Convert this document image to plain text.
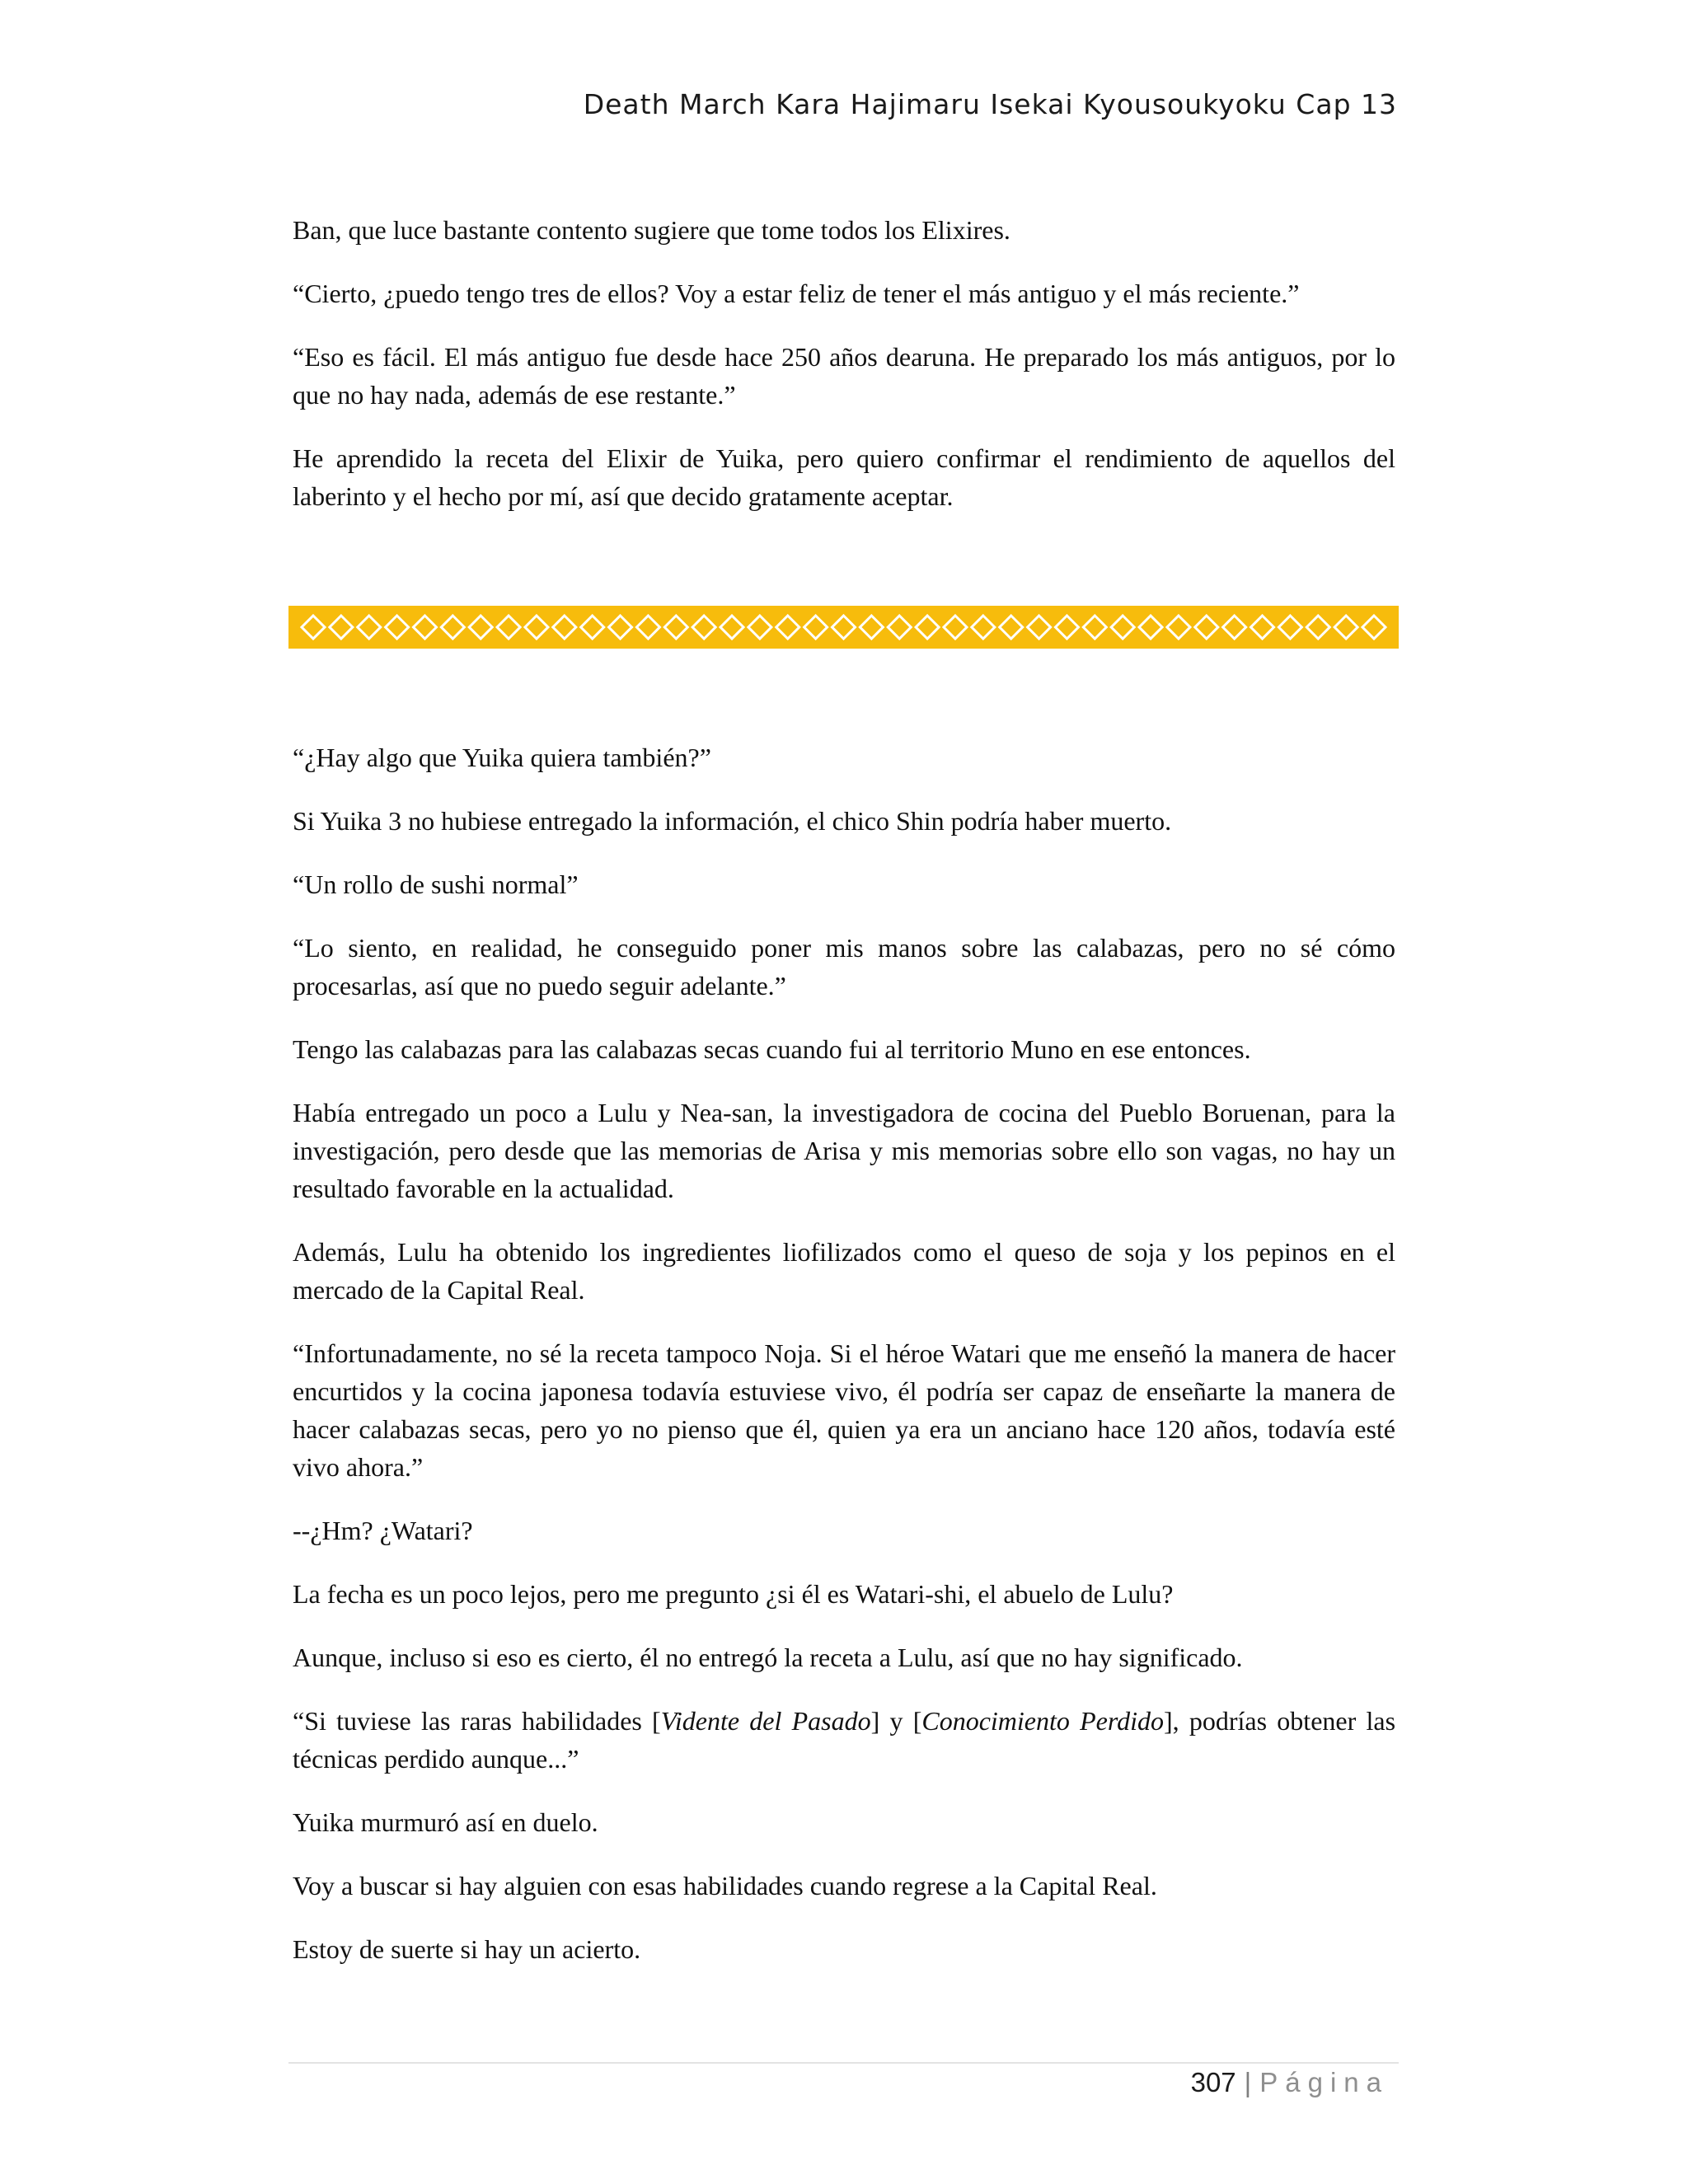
Death March Kara Hajimaru Isekai Kyousoukyoku Cap 13

Ban, que luce bastante contento sugiere que tome todos los Elixires.

“Cierto, ¿puedo tengo tres de ellos? Voy a estar feliz de tener el más antiguo y el más reciente.”

“Eso es fácil. El más antiguo fue desde hace 250 años dearuna. He preparado los más antiguos, por lo que no hay nada, además de ese restante.”

He aprendido la receta del Elixir de Yuika, pero quiero confirmar el rendimiento de aquellos del laberinto y el hecho por mí, así que decido gratamente aceptar.

“¿Hay algo que Yuika quiera también?”

Si Yuika 3 no hubiese entregado la información, el chico Shin podría haber muerto.

“Un rollo de sushi normal”

“Lo siento, en realidad, he conseguido poner mis manos sobre las calabazas, pero no sé cómo procesarlas, así que no puedo seguir adelante.”

Tengo las calabazas para las calabazas secas cuando fui al territorio Muno en ese entonces.

Había entregado un poco a Lulu y Nea-san, la investigadora de cocina del Pueblo Boruenan, para la investigación, pero desde que las memorias de Arisa y mis memorias sobre ello son vagas, no hay un resultado favorable en la actualidad.

Además, Lulu ha obtenido los ingredientes liofilizados como el queso de soja y los pepinos en el mercado de la Capital Real.

“Infortunadamente, no sé la receta tampoco Noja. Si el héroe Watari que me enseñó la manera de hacer encurtidos y la cocina japonesa todavía estuviese vivo, él podría ser capaz de enseñarte la manera de hacer calabazas secas, pero yo no pienso que él, quien ya era un anciano hace 120 años, todavía esté vivo ahora.”

--¿Hm? ¿Watari?

La fecha es un poco lejos, pero me pregunto ¿si él es Watari-shi, el abuelo de Lulu?

Aunque, incluso si eso es cierto, él no entregó la receta a Lulu, así que no hay significado.

“Si tuviese las raras habilidades [Vidente del Pasado] y [Conocimiento Perdido], podrías obtener las técnicas perdido aunque...”

Yuika murmuró así en duelo.

Voy a buscar si hay alguien con esas habilidades cuando regrese a la Capital Real.

Estoy de suerte si hay un acierto.

307 | Página
